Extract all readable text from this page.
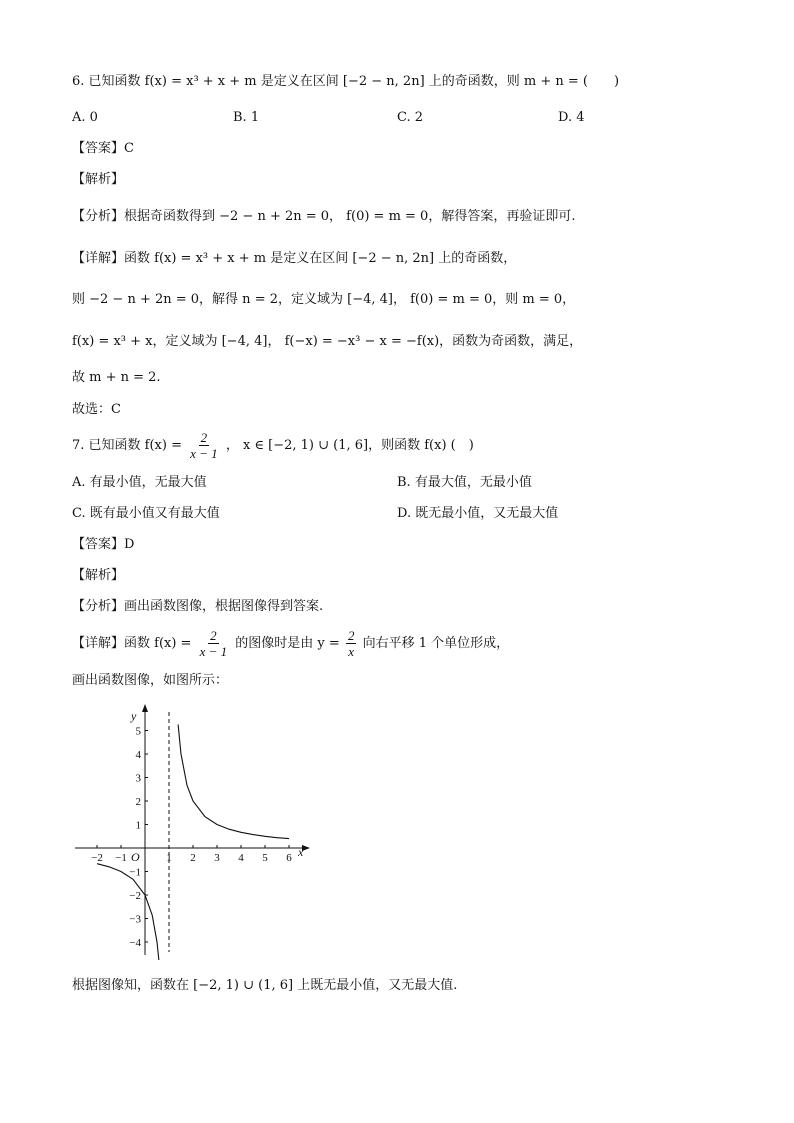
6. 已知函数 f(x) = x³ + x + m 是定义在区间 [−2 − n, 2n] 上的奇函数，则 m + n = (　　)
A. 0	B. 1	C. 2	D. 4
【答案】C
【解析】
【分析】根据奇函数得到 −2 − n + 2n = 0， f(0) = m = 0，解得答案，再验证即可.
【详解】函数 f(x) = x³ + x + m 是定义在区间 [−2 − n, 2n] 上的奇函数，
则 −2 − n + 2n = 0，解得 n = 2，定义域为 [−4, 4]， f(0) = m = 0，则 m = 0，
f(x) = x³ + x，定义域为 [−4, 4]， f(−x) = −x³ − x = −f(x)，函数为奇函数，满足，
故 m + n = 2.
故选：C
7. 已知函数 $f(x) = \frac{2}{x - 1}$ ， x ∈ [−2, 1) ∪ (1, 6]，则函数 f(x) (　)
A. 有最小值，无最大值	B. 有最大值，无最小值
C. 既有最小值又有最大值	D. 既无最小值，又无最大值
【答案】D
【解析】
【分析】画出函数图像，根据图像得到答案.
【详解】函数 $f(x) = \frac{2}{x - 1}$ 的图像时是由 $y = \frac{2}{x}$ 向右平移 1 个单位形成，
画出函数图像，如图所示：
x
y
O
−2 −1	1 2 3 4 5 6
−4
−3
−2
−1
1
2
3
4
5
根据图像知，函数在 [−2, 1) ∪ (1, 6] 上既无最小值，又无最大值.
